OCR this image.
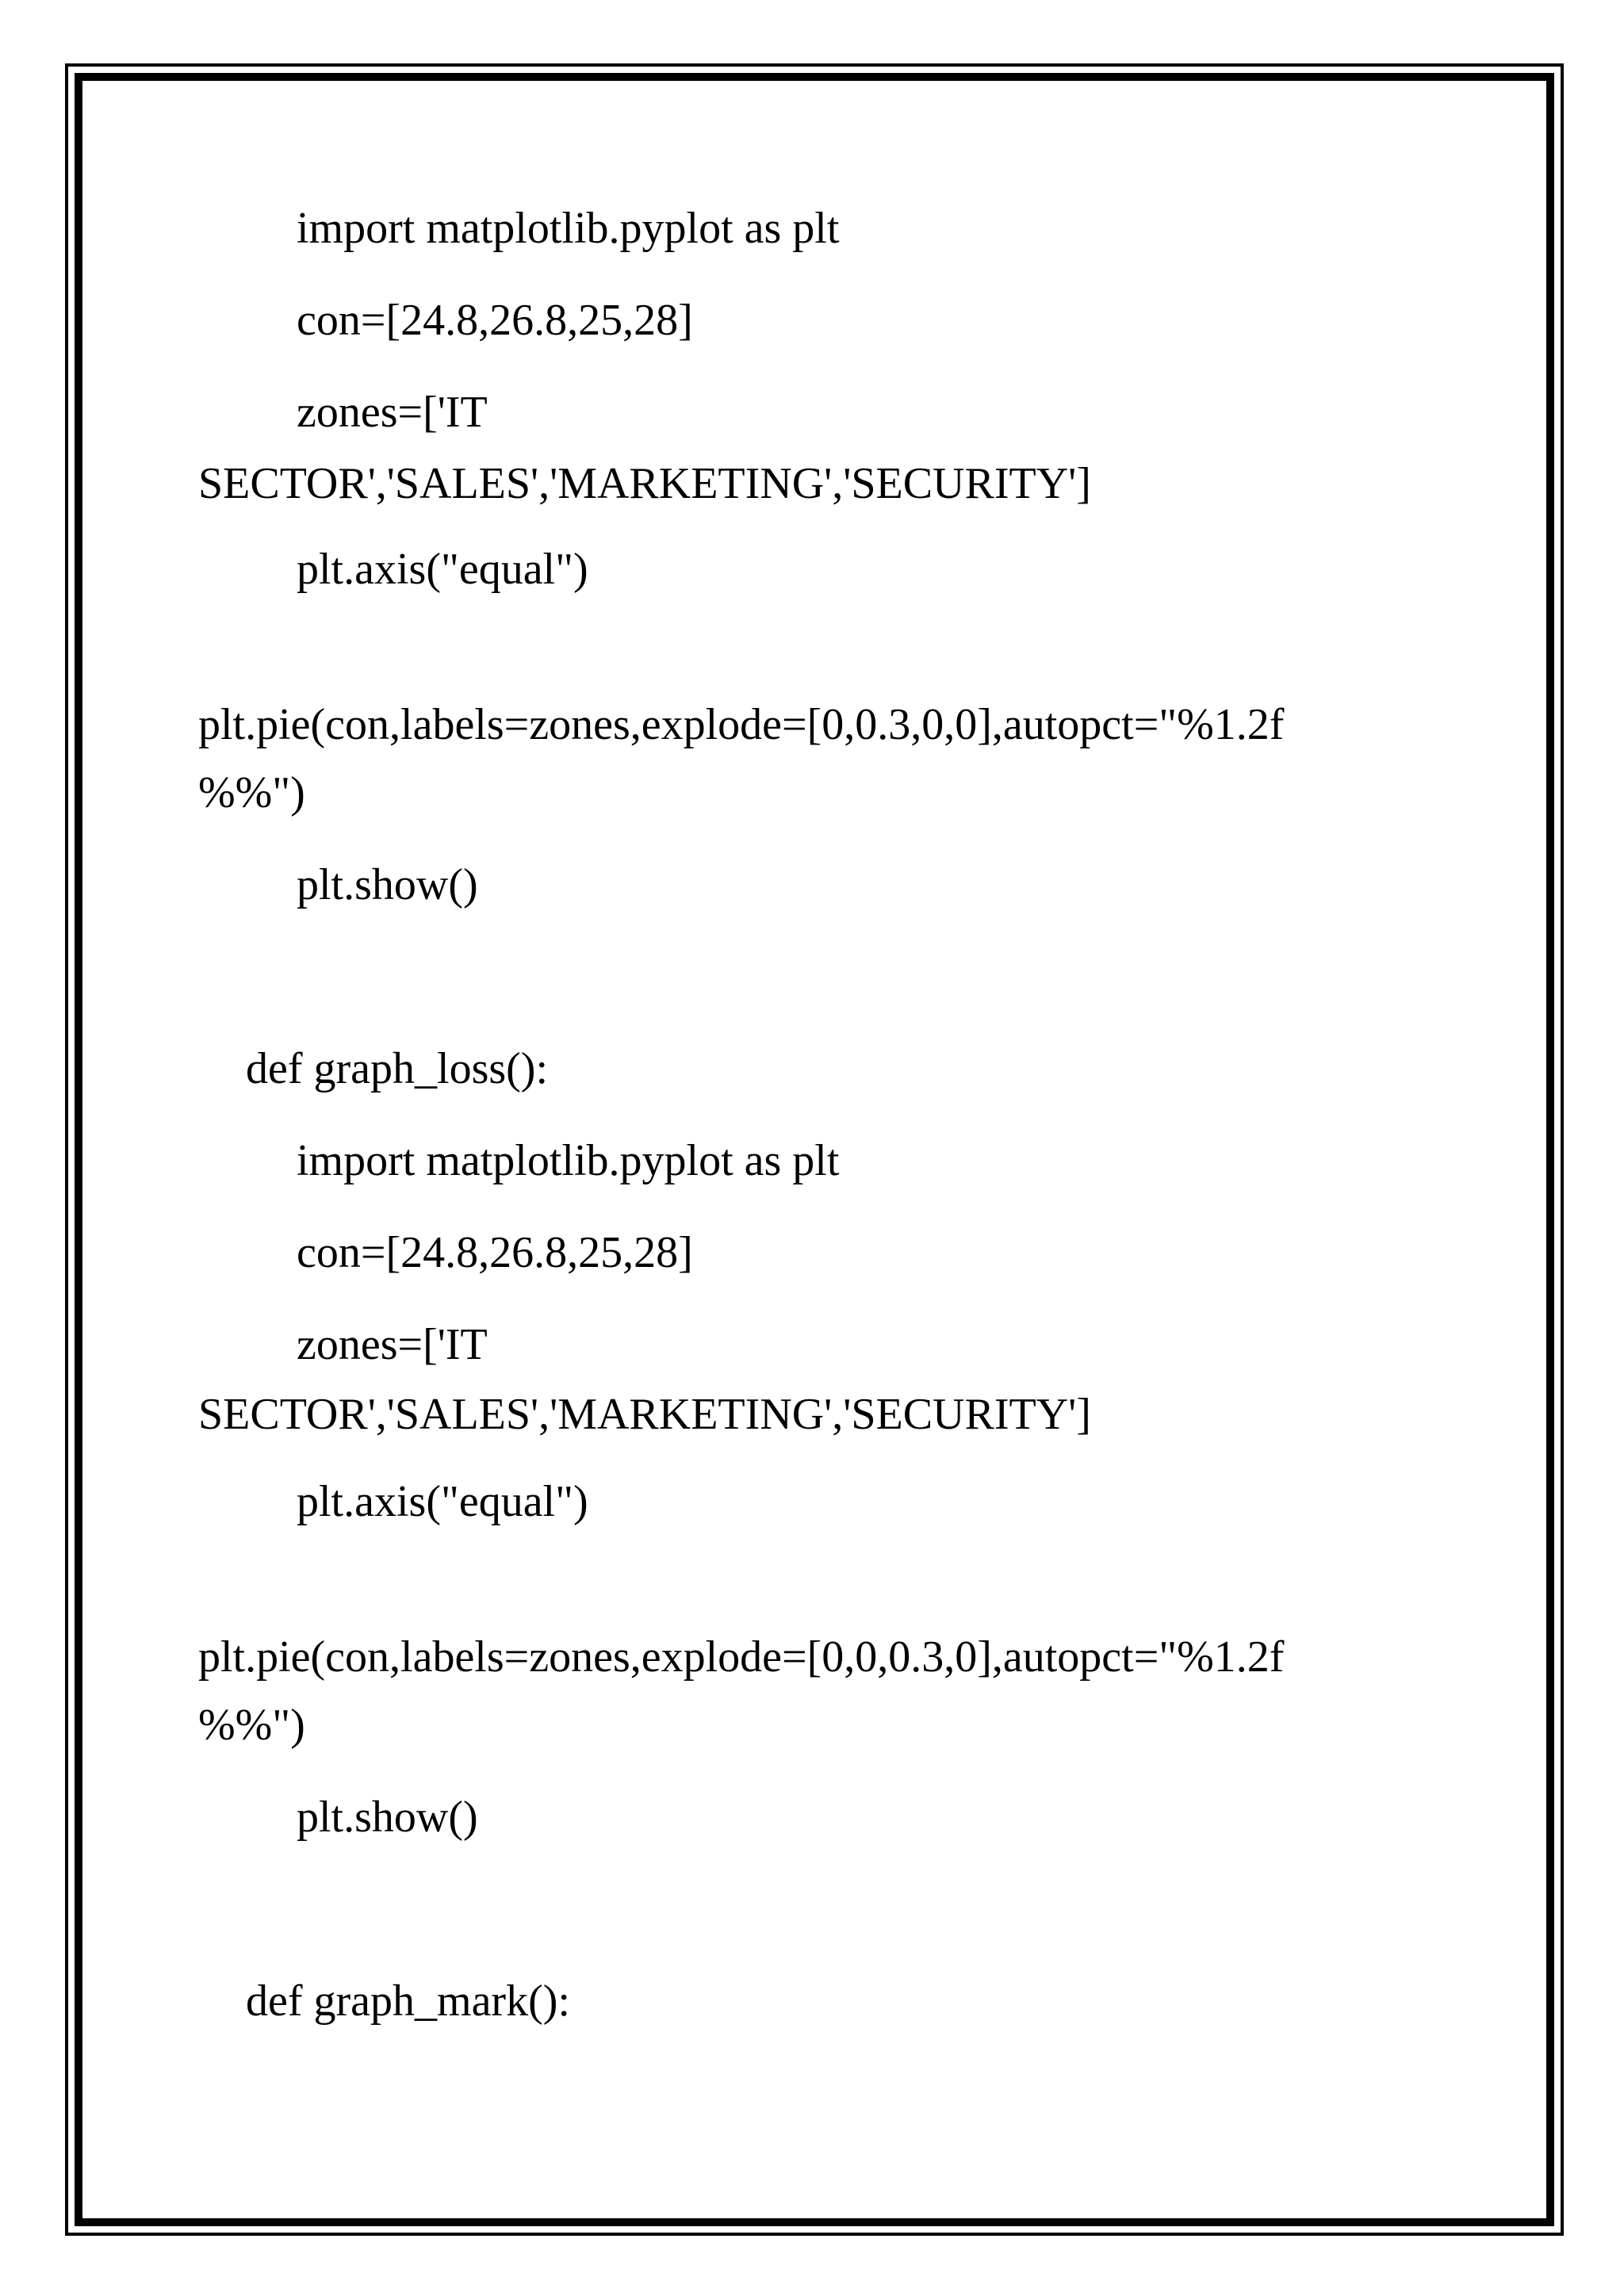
import matplotlib.pyplot as plt
con=[24.8,26.8,25,28]
zones=['IT
SECTOR','SALES','MARKETING','SECURITY']
plt.axis("equal")
plt.pie(con,labels=zones,explode=[0,0.3,0,0],autopct="%1.2f
%%")
plt.show()
def graph_loss():
import matplotlib.pyplot as plt
con=[24.8,26.8,25,28]
zones=['IT
SECTOR','SALES','MARKETING','SECURITY']
plt.axis("equal")
plt.pie(con,labels=zones,explode=[0,0,0.3,0],autopct="%1.2f
%%")
plt.show()
def graph_mark():
